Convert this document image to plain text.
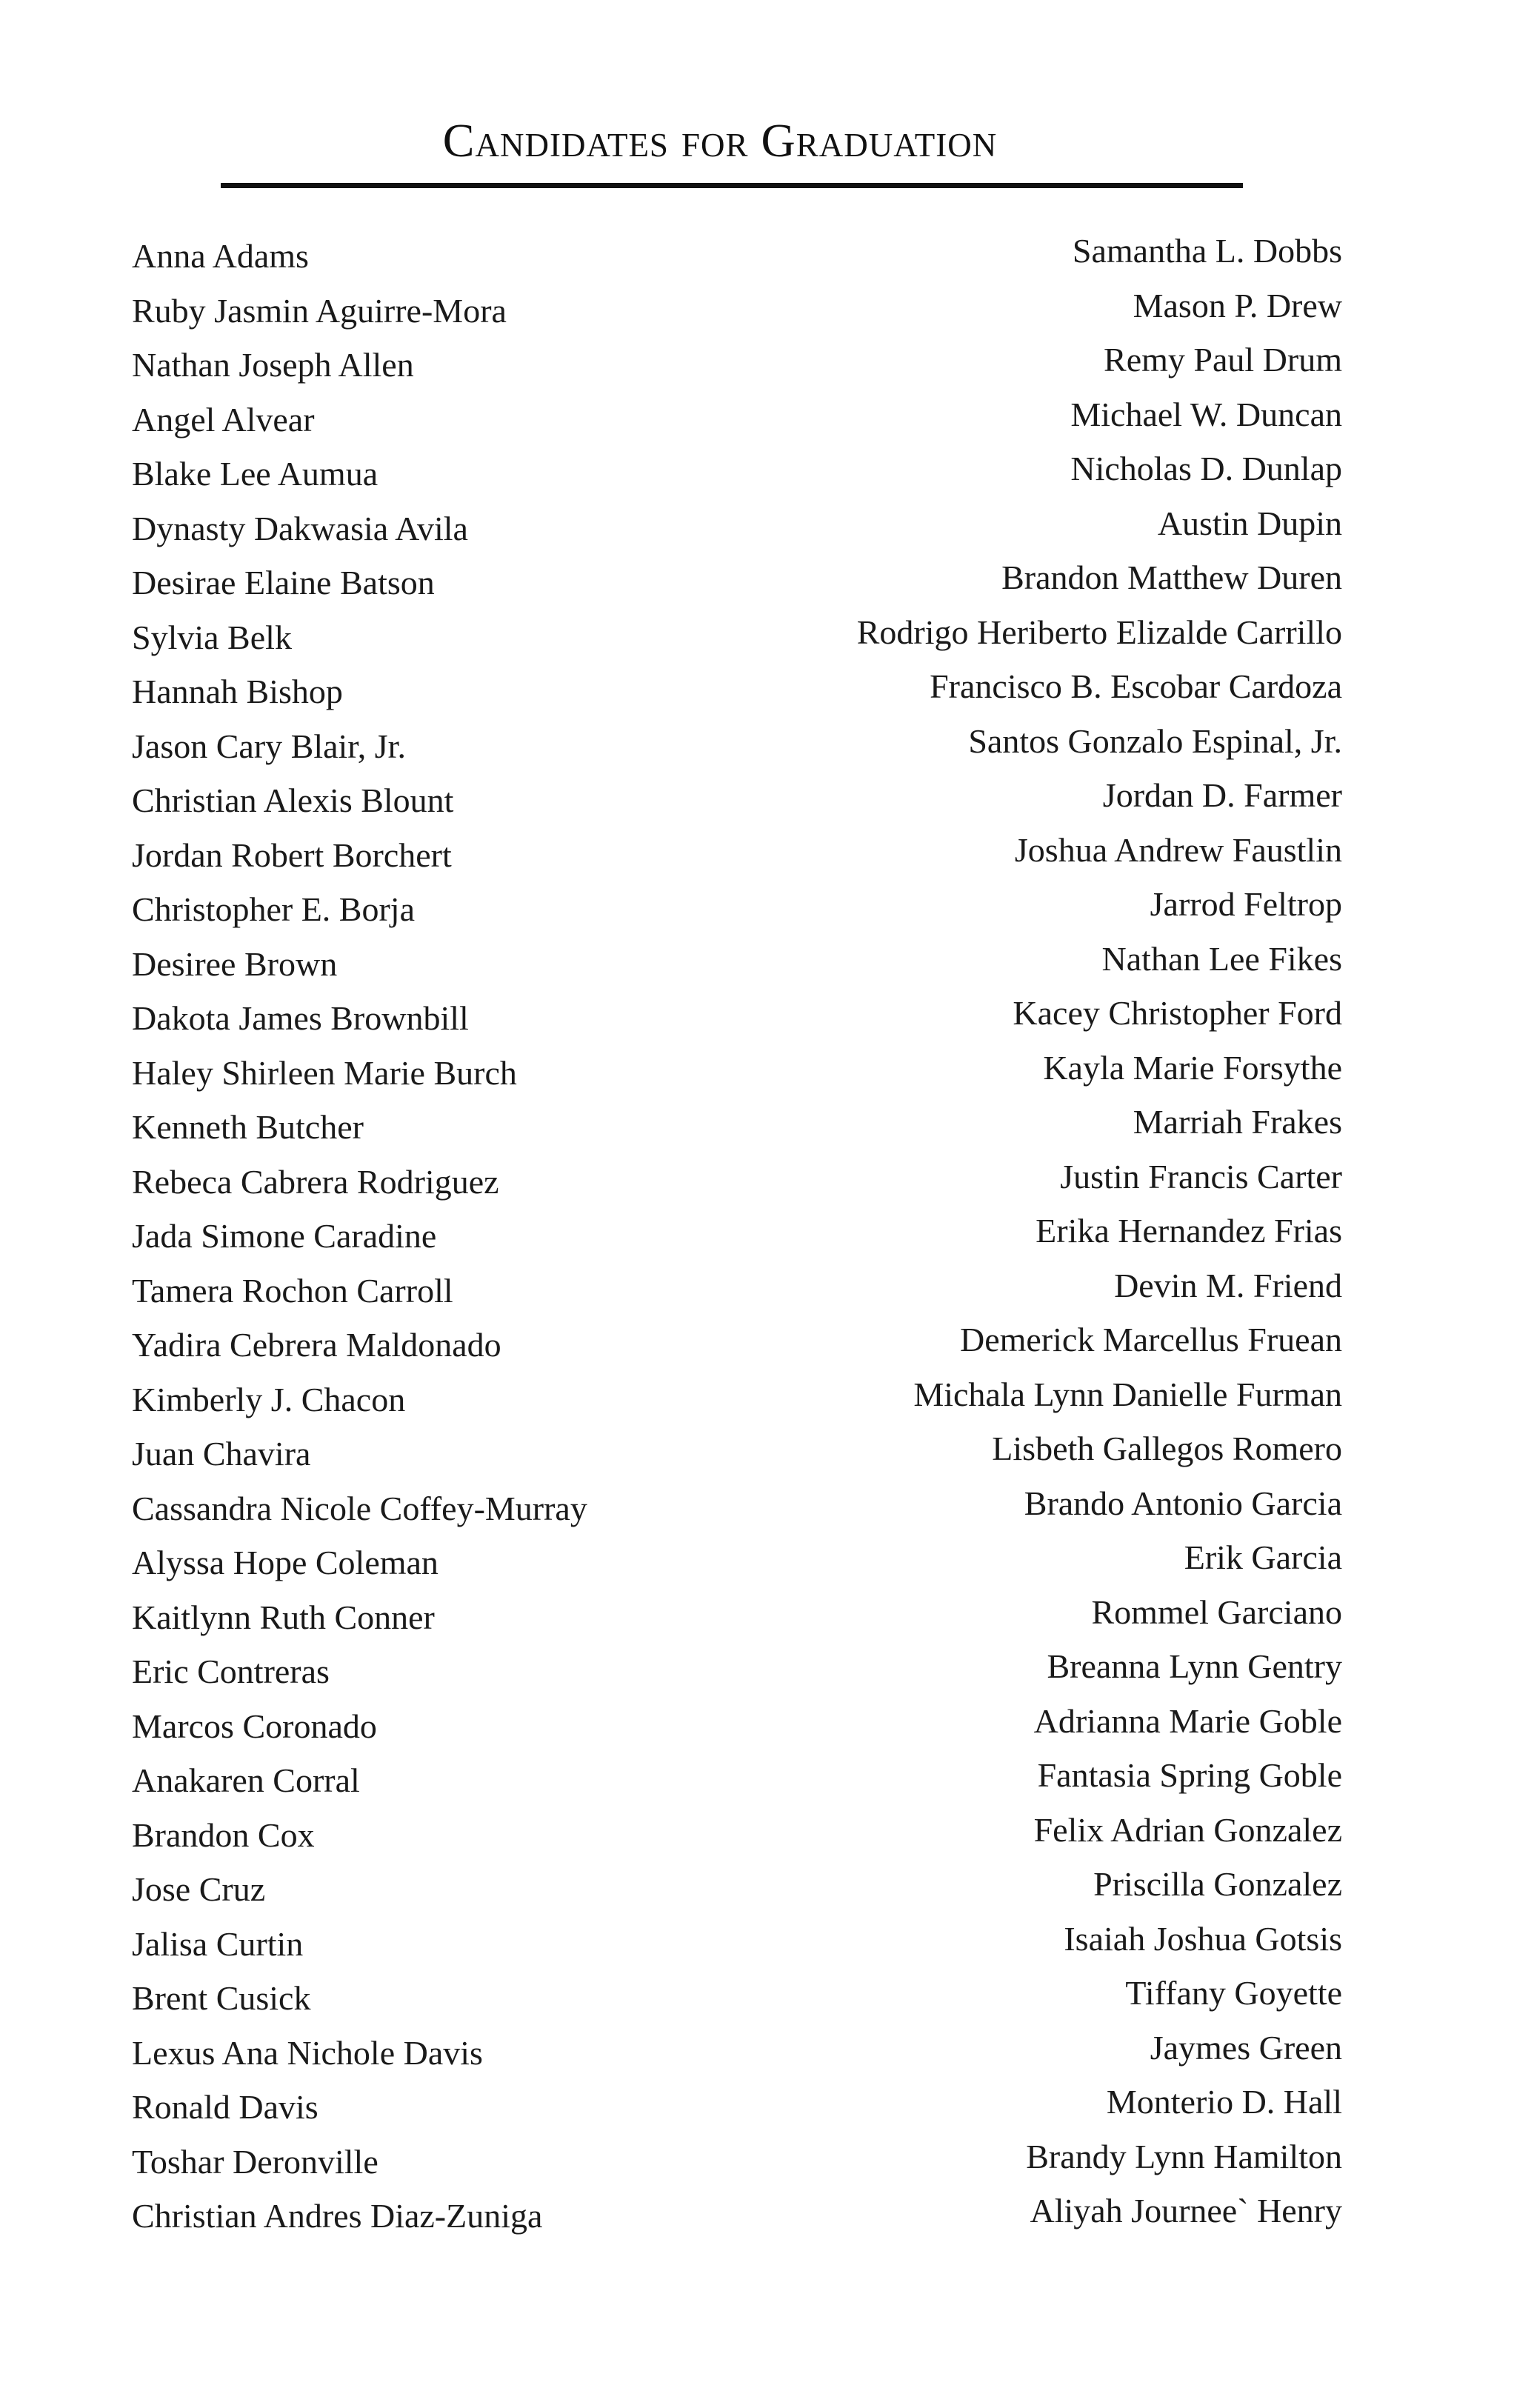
Candidates for Graduation
Anna Adams
Ruby Jasmin Aguirre-Mora
Nathan Joseph Allen
Angel Alvear
Blake Lee Aumua
Dynasty Dakwasia Avila
Desirae Elaine Batson
Sylvia Belk
Hannah Bishop
Jason Cary Blair, Jr.
Christian Alexis Blount
Jordan Robert Borchert
Christopher E. Borja
Desiree Brown
Dakota James Brownbill
Haley Shirleen Marie Burch
Kenneth Butcher
Rebeca Cabrera Rodriguez
Jada Simone Caradine
Tamera Rochon Carroll
Yadira Cebrera Maldonado
Kimberly J. Chacon
Juan Chavira
Cassandra Nicole Coffey-Murray
Alyssa Hope Coleman
Kaitlynn Ruth Conner
Eric Contreras
Marcos Coronado
Anakaren Corral
Brandon Cox
Jose Cruz
Jalisa Curtin
Brent Cusick
Lexus Ana Nichole Davis
Ronald Davis
Toshar Deronville
Christian Andres Diaz-Zuniga
Samantha L. Dobbs
Mason P. Drew
Remy Paul Drum
Michael W. Duncan
Nicholas D. Dunlap
Austin Dupin
Brandon Matthew Duren
Rodrigo Heriberto Elizalde Carrillo
Francisco B. Escobar Cardoza
Santos Gonzalo Espinal, Jr.
Jordan D. Farmer
Joshua Andrew Faustlin
Jarrod Feltrop
Nathan Lee Fikes
Kacey Christopher Ford
Kayla Marie Forsythe
Marriah Frakes
Justin Francis Carter
Erika Hernandez Frias
Devin M. Friend
Demerick Marcellus Fruean
Michala Lynn Danielle Furman
Lisbeth Gallegos Romero
Brando Antonio Garcia
Erik Garcia
Rommel Garciano
Breanna Lynn Gentry
Adrianna Marie Goble
Fantasia Spring Goble
Felix Adrian Gonzalez
Priscilla Gonzalez
Isaiah Joshua Gotsis
Tiffany Goyette
Jaymes Green
Monterio D. Hall
Brandy Lynn Hamilton
Aliyah Journee` Henry
